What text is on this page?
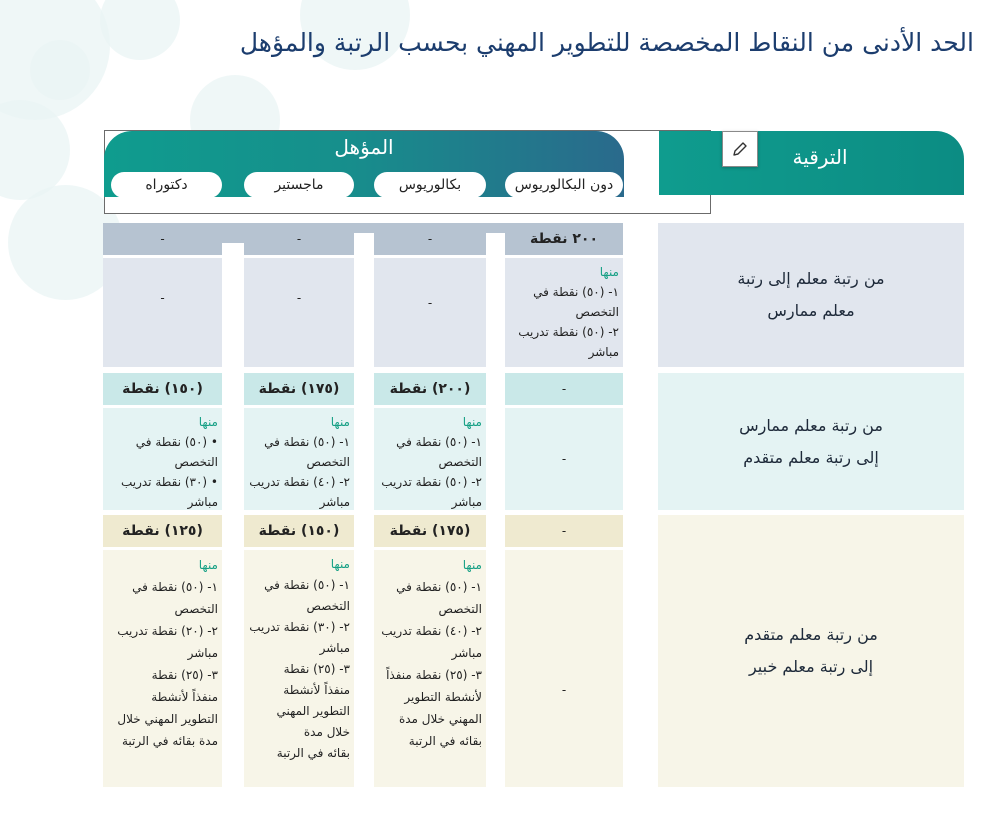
الحد الأدنى من النقاط المخصصة للتطوير المهني بحسب الرتبة والمؤهل
المؤهل
دون البكالوريوس
بكالوريوس
ماجستير
دكتوراه
الترقية
من رتبة معلم إلى رتبة
معلم ممارس
٢٠٠ نقطة
-
-
-
منها
١- (٥٠) نقطة في
التخصص
٢- (٥٠) نقطة تدريب
مباشر
-
-
-
من رتبة معلم ممارس
إلى رتبة معلم متقدم
-
(٢٠٠) نقطة
(١٧٥) نقطة
(١٥٠) نقطة
-
منها
١- (٥٠) نقطة في
التخصص
٢- (٥٠) نقطة تدريب
مباشر
منها
١- (٥٠) نقطة في
التخصص
٢- (٤٠) نقطة تدريب
مباشر
منها
• (٥٠) نقطة في
التخصص
• (٣٠) نقطة تدريب
مباشر
من رتبة معلم متقدم
إلى رتبة معلم خبير
-
(١٧٥) نقطة
(١٥٠) نقطة
(١٢٥) نقطة
-
منها
١- (٥٠) نقطة في
التخصص
٢- (٤٠) نقطة تدريب
مباشر
٣- (٢٥) نقطة منفذاً
لأنشطة التطوير
المهني خلال مدة
بقائه في الرتبة
منها
١- (٥٠) نقطة في
التخصص
٢- (٣٠) نقطة تدريب
مباشر
٣- (٢٥) نقطة
منفذاً لأنشطة
التطوير المهني
خلال مدة
بقائه في الرتبة
منها
١- (٥٠) نقطة في
التخصص
٢- (٢٠) نقطة تدريب
مباشر
٣- (٢٥) نقطة
منفذاً لأنشطة
التطوير المهني خلال
مدة بقائه في الرتبة
